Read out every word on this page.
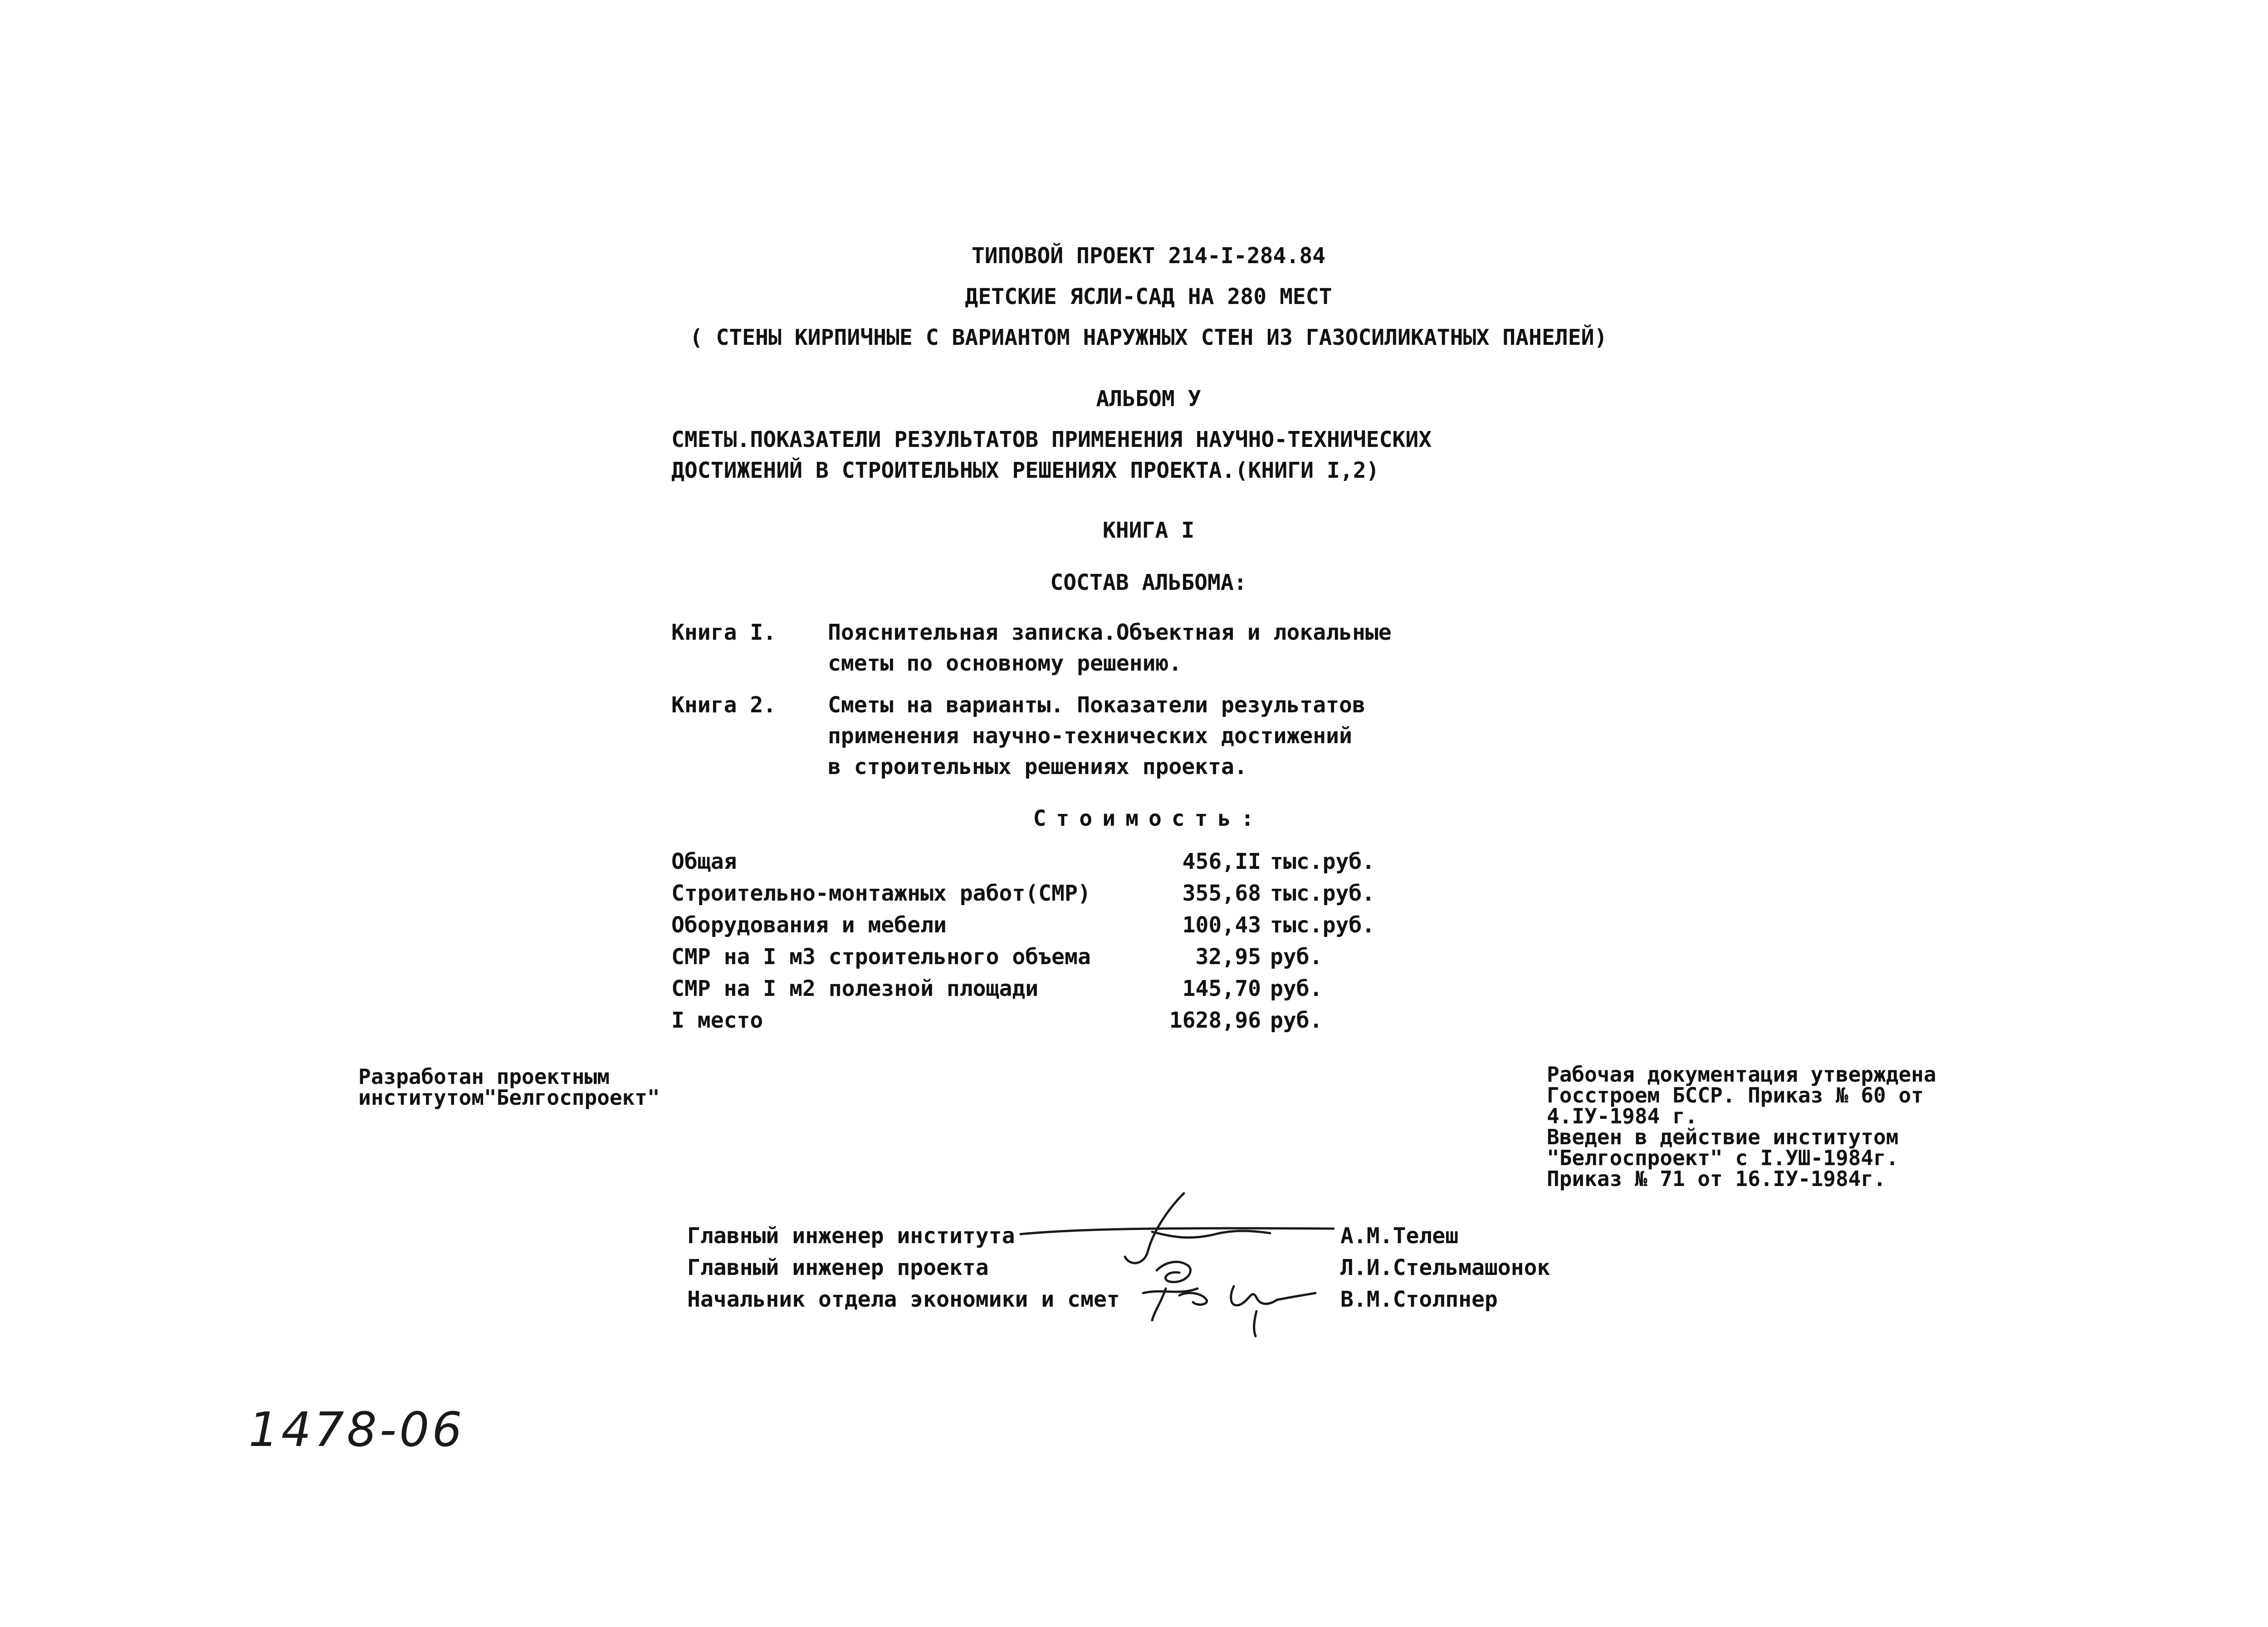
ТИПОВОЙ ПРОЕКТ 214-I-284.84
ДЕТСКИЕ ЯСЛИ-САД НА 280 МЕСТ
( СТЕНЫ КИРПИЧНЫЕ С ВАРИАНТОМ НАРУЖНЫХ СТЕН ИЗ ГАЗОСИЛИКАТНЫХ ПАНЕЛЕЙ)
АЛЬБОМ У
СМЕТЫ.ПОКАЗАТЕЛИ РЕЗУЛЬТАТОВ ПРИМЕНЕНИЯ НАУЧНО-ТЕХНИЧЕСКИХ
ДОСТИЖЕНИЙ В СТРОИТЕЛЬНЫХ РЕШЕНИЯХ ПРОЕКТА.(КНИГИ I,2)
КНИГА I
СОСТАВ АЛЬБОМА:
Книга I. Пояснительная записка.Объектная и локальные
сметы по основному решению.
Книга 2. Сметы на варианты. Показатели результатов
применения научно-технических достижений
в строительных решениях проекта.
Стоимость:
Общая	456,II тыс.руб.
Строительно-монтажных работ(СМР)	355,68 тыс.руб.
Оборудования и мебели	100,43 тыс.руб.
СМР на I м3 строительного объема	32,95 руб.
СМР на I м2 полезной площади	145,70 руб.
I место	1628,96 руб.
Разработан проектным
институтом"Белгоспроект"
Рабочая документация утверждена
Госстроем БССР. Приказ № 60 от
4.IУ-1984 г.
Введен в действие институтом
"Белгоспроект" с I.УШ-1984г.
Приказ № 71 от 16.IУ-1984г.
Главный инженер института	А.М.Телеш
Главный инженер проекта	Л.И.Стельмашонок
Начальник отдела экономики и смет	В.М.Столпнер
1478-06
